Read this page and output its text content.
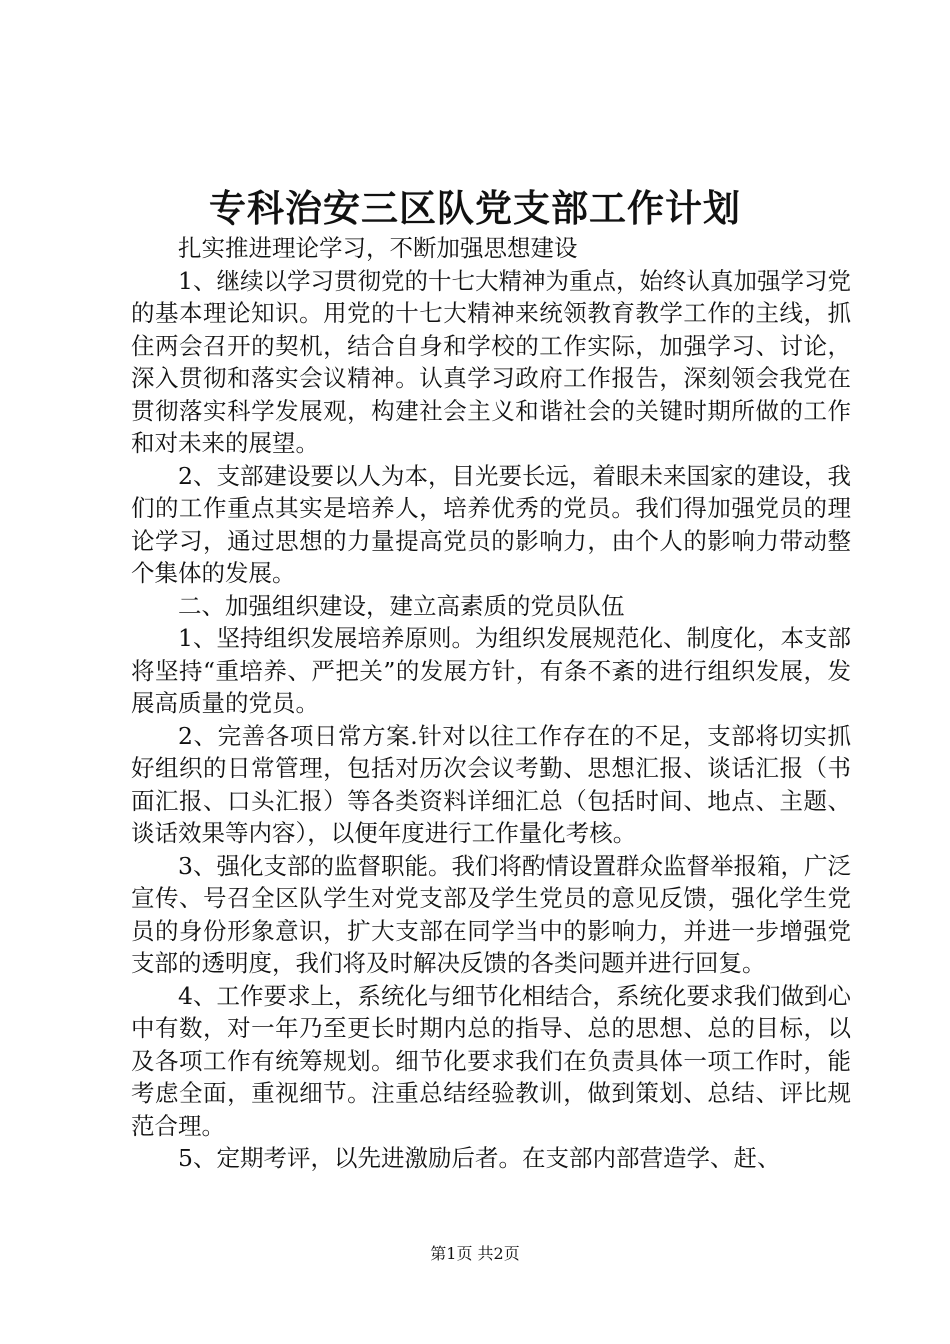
专科治安三区队党支部工作计划

扎实推进理论学习，不断加强思想建设

1、继续以学习贯彻党的十七大精神为重点，始终认真加强学习党的基本理论知识。用党的十七大精神来统领教育教学工作的主线，抓住两会召开的契机，结合自身和学校的工作实际，加强学习、讨论，深入贯彻和落实会议精神。认真学习政府工作报告，深刻领会我党在贯彻落实科学发展观，构建社会主义和谐社会的关键时期所做的工作和对未来的展望。

2、支部建设要以人为本，目光要长远，着眼未来国家的建设，我们的工作重点其实是培养人，培养优秀的党员。我们得加强党员的理论学习，通过思想的力量提高党员的影响力，由个人的影响力带动整个集体的发展。

二、加强组织建设，建立高素质的党员队伍

1、坚持组织发展培养原则。为组织发展规范化、制度化，本支部将坚持“重培养、严把关”的发展方针，有条不紊的进行组织发展，发展高质量的党员。

2、完善各项日常方案.针对以往工作存在的不足，支部将切实抓好组织的日常管理，包括对历次会议考勤、思想汇报、谈话汇报（书面汇报、口头汇报）等各类资料详细汇总（包括时间、地点、主题、谈话效果等内容），以便年度进行工作量化考核。

3、强化支部的监督职能。我们将酌情设置群众监督举报箱，广泛宣传、号召全区队学生对党支部及学生党员的意见反馈，强化学生党员的身份形象意识，扩大支部在同学当中的影响力，并进一步增强党支部的透明度，我们将及时解决反馈的各类问题并进行回复。

4、工作要求上，系统化与细节化相结合，系统化要求我们做到心中有数，对一年乃至更长时期内总的指导、总的思想、总的目标，以及各项工作有统筹规划。细节化要求我们在负责具体一项工作时，能考虑全面，重视细节。注重总结经验教训，做到策划、总结、评比规范合理。

5、定期考评，以先进激励后者。在支部内部营造学、赶、

第1页 共2页
